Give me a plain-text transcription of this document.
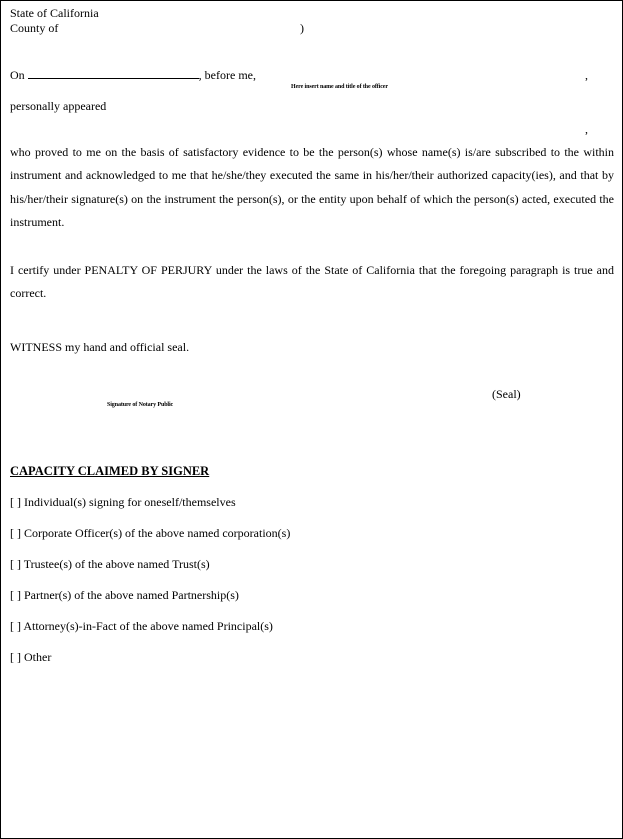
State of California
County of	)
On	, before me,
Here insert name and title of the officer
,
personally appeared
,
who proved to me on the basis of satisfactory evidence to be the person(s) whose name(s) is/are subscribed to the within instrument and acknowledged to me that he/she/they executed the same in his/her/their authorized capacity(ies), and that by his/her/their signature(s) on the instrument the person(s), or the entity upon behalf of which the person(s) acted, executed the instrument.
I certify under PENALTY OF PERJURY under the laws of the State of California that the foregoing paragraph is true and correct.
WITNESS my hand and official seal.
(Seal)
Signature of Notary Public
CAPACITY CLAIMED BY SIGNER
[ ] Individual(s) signing for oneself/themselves
[ ] Corporate Officer(s) of the above named corporation(s)
[ ] Trustee(s) of the above named Trust(s)
[ ] Partner(s) of the above named Partnership(s)
[ ] Attorney(s)-in-Fact of the above named Principal(s)
[ ] Other
